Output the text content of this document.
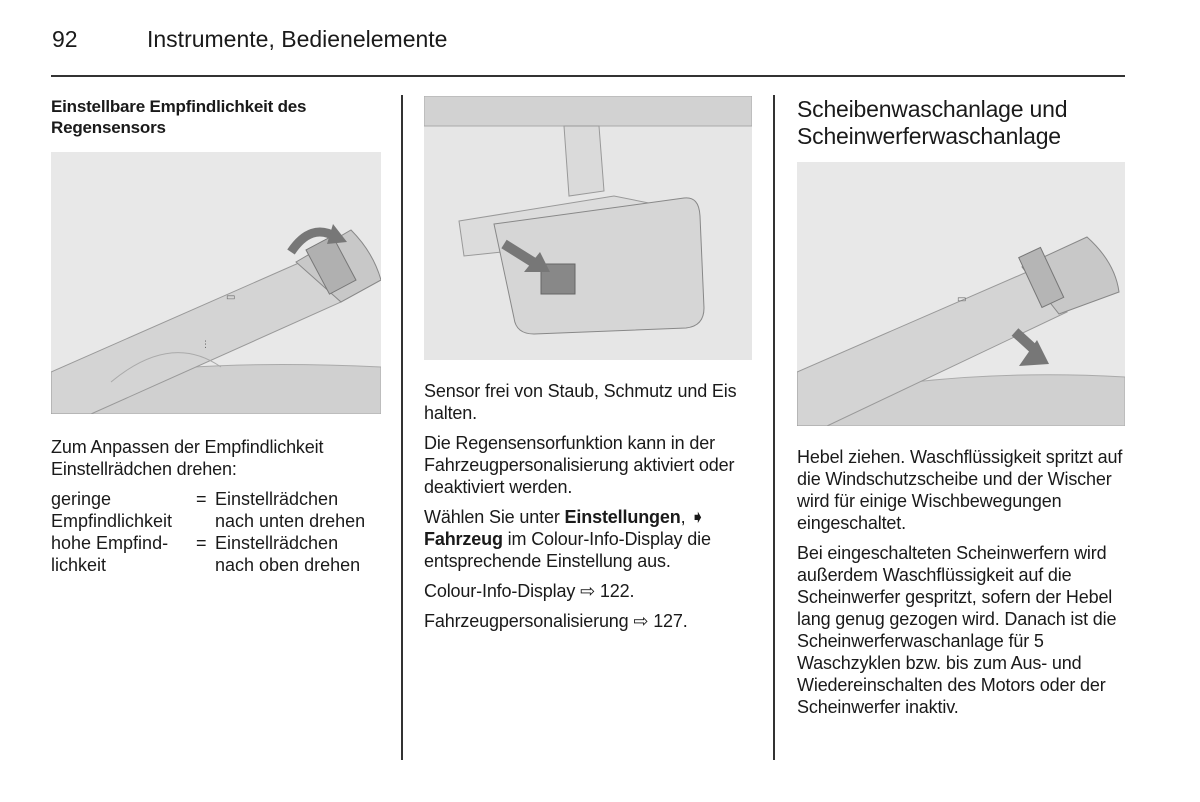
92	Instrumente, Bedienelemente
Einstellbare Empfindlichkeit des
Regensensors
▭
⋮

Zum Anpassen der Empfindlichkeit Einstellrädchen drehen:

geringe
Empfindlichkeit
= Einstellrädchen
nach unten drehen
hohe Empfind-
lichkeit
= Einstellrädchen
nach oben drehen

Sensor frei von Staub, Schmutz und Eis halten.

Die Regensensorfunktion kann in der Fahrzeugpersonalisierung aktiviert oder deaktiviert werden.

Wählen Sie unter Einstellungen, ➧ Fahrzeug im Colour-Info-Display die entsprechende Einstellung aus.

Colour-Info-Display ⇨ 122.

Fahrzeugpersonalisierung ⇨ 127.

Scheibenwaschanlage und
Scheinwerferwaschanlage
▭

Hebel ziehen. Waschflüssigkeit spritzt auf die Windschutzscheibe und der Wischer wird für einige Wischbewegungen eingeschaltet.

Bei eingeschalteten Scheinwerfern wird außerdem Waschflüssigkeit auf die Scheinwerfer gespritzt, sofern der Hebel lang genug gezogen wird. Danach ist die Scheinwerferwaschanlage für 5 Waschzyklen bzw. bis zum Aus- und Wiedereinschalten des Motors oder der Scheinwerfer inaktiv.
